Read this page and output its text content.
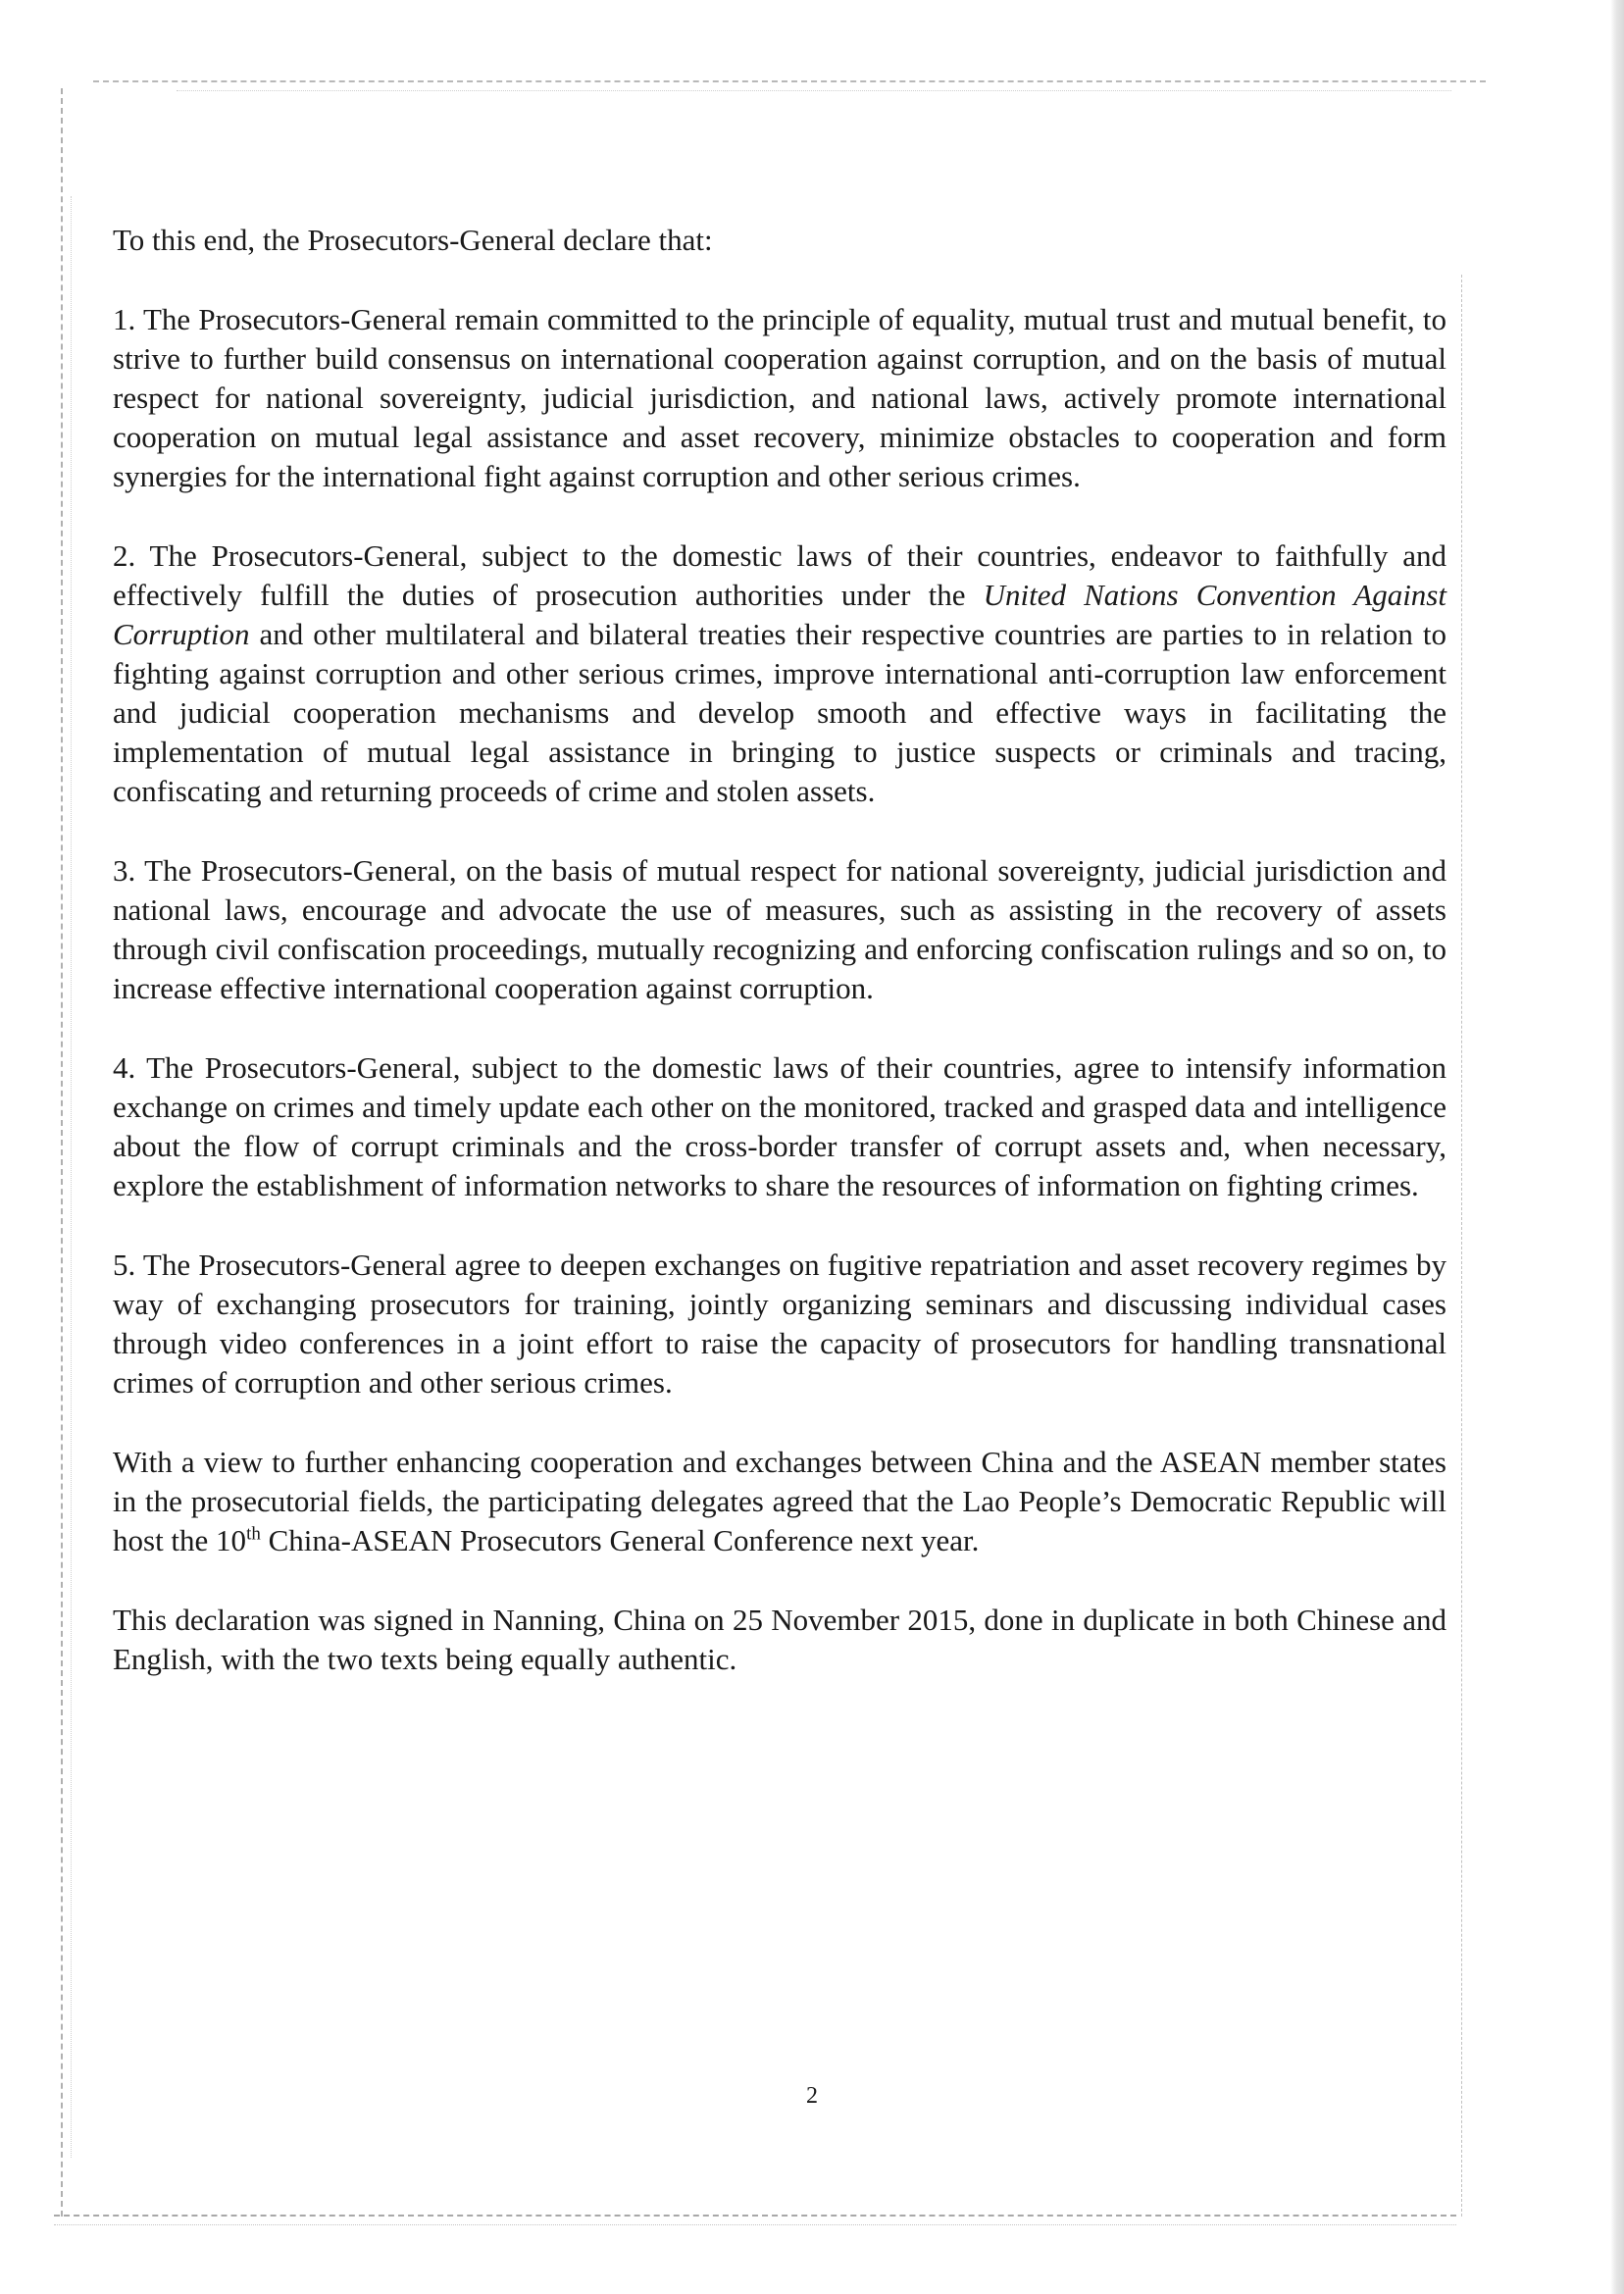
To this end, the Prosecutors-General declare that:

1. The Prosecutors-General remain committed to the principle of equality, mutual trust and mutual benefit, to strive to further build consensus on international cooperation against corruption, and on the basis of mutual respect for national sovereignty, judicial jurisdiction, and national laws, actively promote international cooperation on mutual legal assistance and asset recovery, minimize obstacles to cooperation and form synergies for the international fight against corruption and other serious crimes.

2. The Prosecutors-General, subject to the domestic laws of their countries, endeavor to faithfully and effectively fulfill the duties of prosecution authorities under the United Nations Convention Against Corruption and other multilateral and bilateral treaties their respective countries are parties to in relation to fighting against corruption and other serious crimes, improve international anti-corruption law enforcement and judicial cooperation mechanisms and develop smooth and effective ways in facilitating the implementation of mutual legal assistance in bringing to justice suspects or criminals and tracing, confiscating and returning proceeds of crime and stolen assets.

3. The Prosecutors-General, on the basis of mutual respect for national sovereignty, judicial jurisdiction and national laws, encourage and advocate the use of measures, such as assisting in the recovery of assets through civil confiscation proceedings, mutually recognizing and enforcing confiscation rulings and so on, to increase effective international cooperation against corruption.

4. The Prosecutors-General, subject to the domestic laws of their countries, agree to intensify information exchange on crimes and timely update each other on the monitored, tracked and grasped data and intelligence about the flow of corrupt criminals and the cross-border transfer of corrupt assets and, when necessary, explore the establishment of information networks to share the resources of information on fighting crimes.

5. The Prosecutors-General agree to deepen exchanges on fugitive repatriation and asset recovery regimes by way of exchanging prosecutors for training, jointly organizing seminars and discussing individual cases through video conferences in a joint effort to raise the capacity of prosecutors for handling transnational crimes of corruption and other serious crimes.

With a view to further enhancing cooperation and exchanges between China and the ASEAN member states in the prosecutorial fields, the participating delegates agreed that the Lao People’s Democratic Republic will host the 10th China-ASEAN Prosecutors General Conference next year.

This declaration was signed in Nanning, China on 25 November 2015, done in duplicate in both Chinese and English, with the two texts being equally authentic.

2
